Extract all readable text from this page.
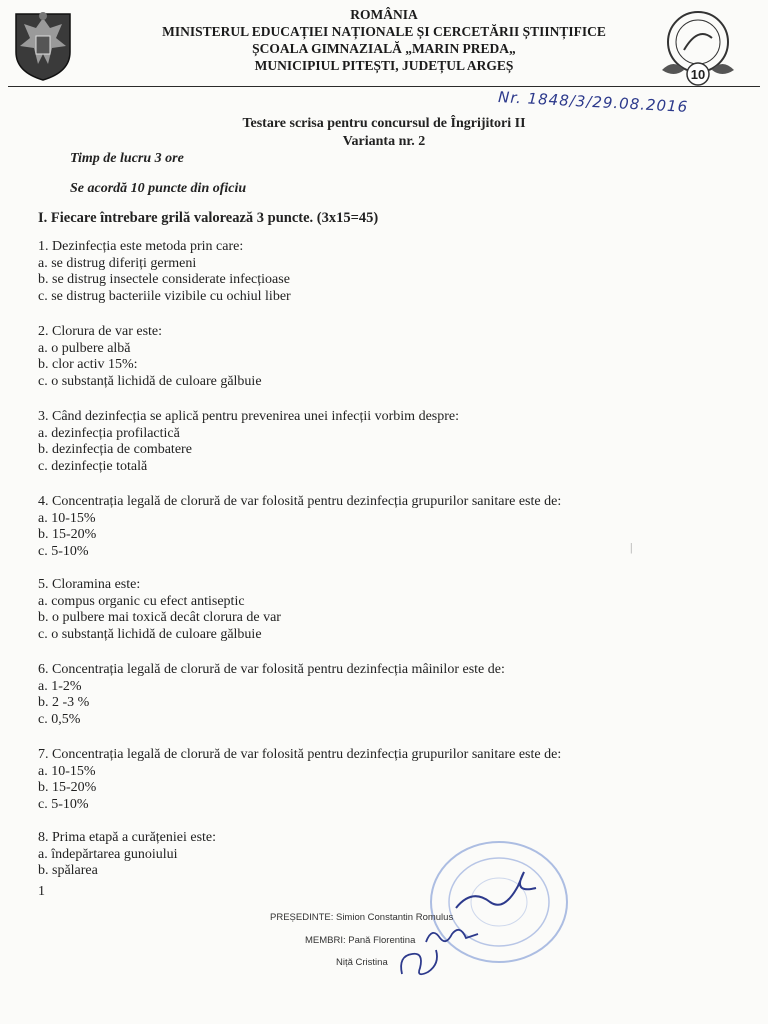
ROMÂNIA
MINISTERUL EDUCAȚIEI NAȚIONALE ȘI CERCETĂRII ȘTIINȚIFICE
ȘCOALA GIMNAZIALĂ „MARIN PREDA„
MUNICIPIUL PITEȘTI, JUDEȚUL ARGEȘ
10
Nr. 1848/3/29.08.2016
Testare scrisa pentru concursul de Îngrijitori II
Varianta nr. 2
Timp de lucru 3 ore
Se acordă 10 puncte din oficiu
I. Fiecare întrebare grilă valorează 3 puncte. (3x15=45)
1. Dezinfecția este metoda prin care:
a. se distrug diferiți germeni
b. se distrug insectele considerate infecțioase
c. se distrug bacteriile vizibile cu ochiul liber
2. Clorura de var este:
a. o pulbere albă
b. clor activ 15%:
c. o substanță lichidă de culoare gălbuie
3. Când dezinfecția se aplică pentru prevenirea unei infecții vorbim despre:
a. dezinfecția profilactică
b. dezinfecția de combatere
c. dezinfecție totală
4. Concentrația legală de clorură de var folosită pentru dezinfecția grupurilor sanitare este de:
a. 10-15%
b. 15-20%
c. 5-10%	|
5. Cloramina este:
a. compus organic cu efect antiseptic
b. o pulbere mai toxică decât clorura de var
c. o substanță lichidă de culoare gălbuie
6. Concentrația legală de clorură de var folosită pentru dezinfecția mâinilor este de:
a. 1-2%
b. 2 -3 %
c. 0,5%
7. Concentrația legală de clorură de var folosită pentru dezinfecția grupurilor sanitare este de:
a. 10-15%
b. 15-20%
c. 5-10%
8. Prima etapă a curățeniei este:
a. îndepărtarea gunoiului
b. spălarea
1
PREȘEDINTE: Simion Constantin Romulus
MEMBRI: Pană Florentina
Niță Cristina
